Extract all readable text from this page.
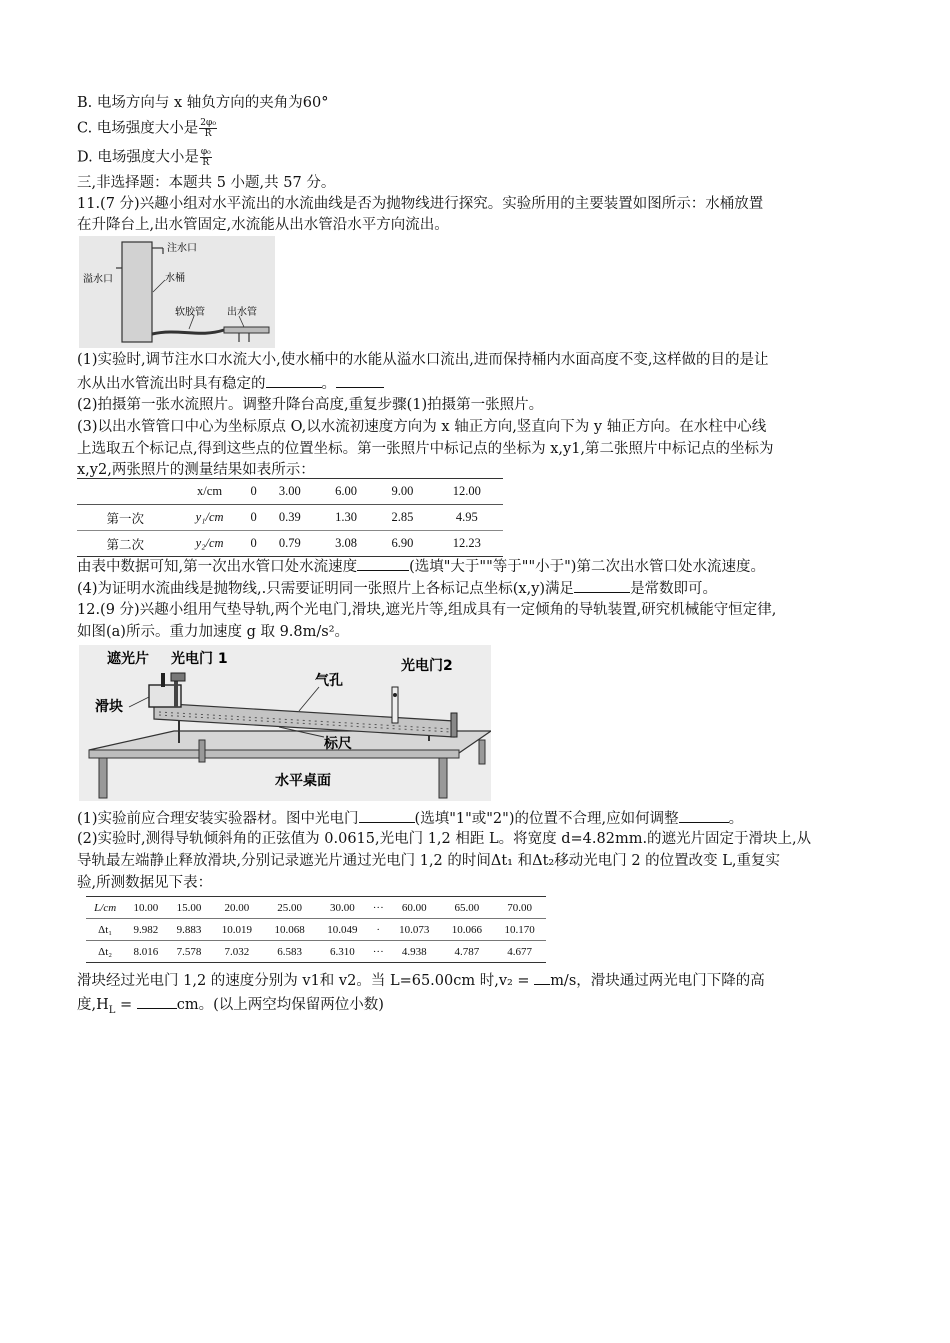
B. 电场方向与 x 轴负方向的夹角为60°
C. 电场强度大小是 $\frac{\text{2φ₀}}{R}$
D. 电场强度大小是 $\frac{\text{φ₀}}{R}$
三,非选择题：本题共 5 小题,共 57 分。
11.(7 分)兴趣小组对水平流出的水流曲线是否为抛物线进行探究。实验所用的主要装置如图所示：水桶放置
在升降台上,出水管固定,水流能从出水管沿水平方向流出。
注水口
溢水口	水桶
软胶管 出水管
(1)实验时,调节注水口水流大小,使水桶中的水能从溢水口流出,进而保持桶内水面高度不变,这样做的目的是让
水从出水管流出时具有稳定的	。
(2)拍摄第一张水流照片。调整升降台高度,重复步骤(1)拍摄第一张照片。
(3)以出水管管口中心为坐标原点 O,以水流初速度方向为 x 轴正方向,竖直向下为 y 轴正方向。在水柱中心线
上选取五个标记点,得到这些点的位置坐标。第一张照片中标记点的坐标为 x,y1,第二张照片中标记点的坐标为
x,y2,两张照片的测量结果如表所示：
	x/cm	0	3.00	6.00	9.00	12.00
第一次	y₁/cm	0	0.39	1.30	2.85	4.95
第二次	y₂/cm	0	0.79	3.08	6.90	12.23
由表中数据可知,第一次出水管口处水流速度	(选填"大于""等于""小于")第二次出水管口处水流速度。
(4)为证明水流曲线是抛物线,.只需要证明同一张照片上各标记点坐标(x,y)满足	是常数即可。
12.(9 分)兴趣小组用气垫导轨,两个光电门,滑块,遮光片等,组成具有一定倾角的导轨装置,研究机械能守恒定律,
如图(a)所示。重力加速度 g 取 9.8m/s²。
遮光片 光电门 1	光电门2
气孔
滑块
标尺
水平桌面
(1)实验前应合理安装实验器材。图中光电门	(选填"1"或"2")的位置不合理,应如何调整	。
(2)实验时,测得导轨倾斜角的正弦值为 0.0615,光电门 1,2 相距 L。将宽度 d=4.82mm.的遮光片固定于滑块上,从
导轨最左端静止释放滑块,分别记录遮光片通过光电门 1,2 的时间Δt₁ 和Δt₂移动光电门 2 的位置改变 L,重复实
验,所测数据见下表：
L/cm	10.00	15.00	20.00	25.00	30.00	···	60.00	65.00	70.00
Δt₁	9.982	9.883	10.019	10.068	10.049	·	10.073	10.066	10.170
Δt₂	8.016	7.578	7.032	6.583	6.310	···	4.938	4.787	4.677
滑块经过光电门 1,2 的速度分别为 v1和 v2。当 L=65.00cm 时,v₂ = m/s，滑块通过两光电门下降的高
度$,H_L$ =	cm。(以上两空均保留两位小数)
